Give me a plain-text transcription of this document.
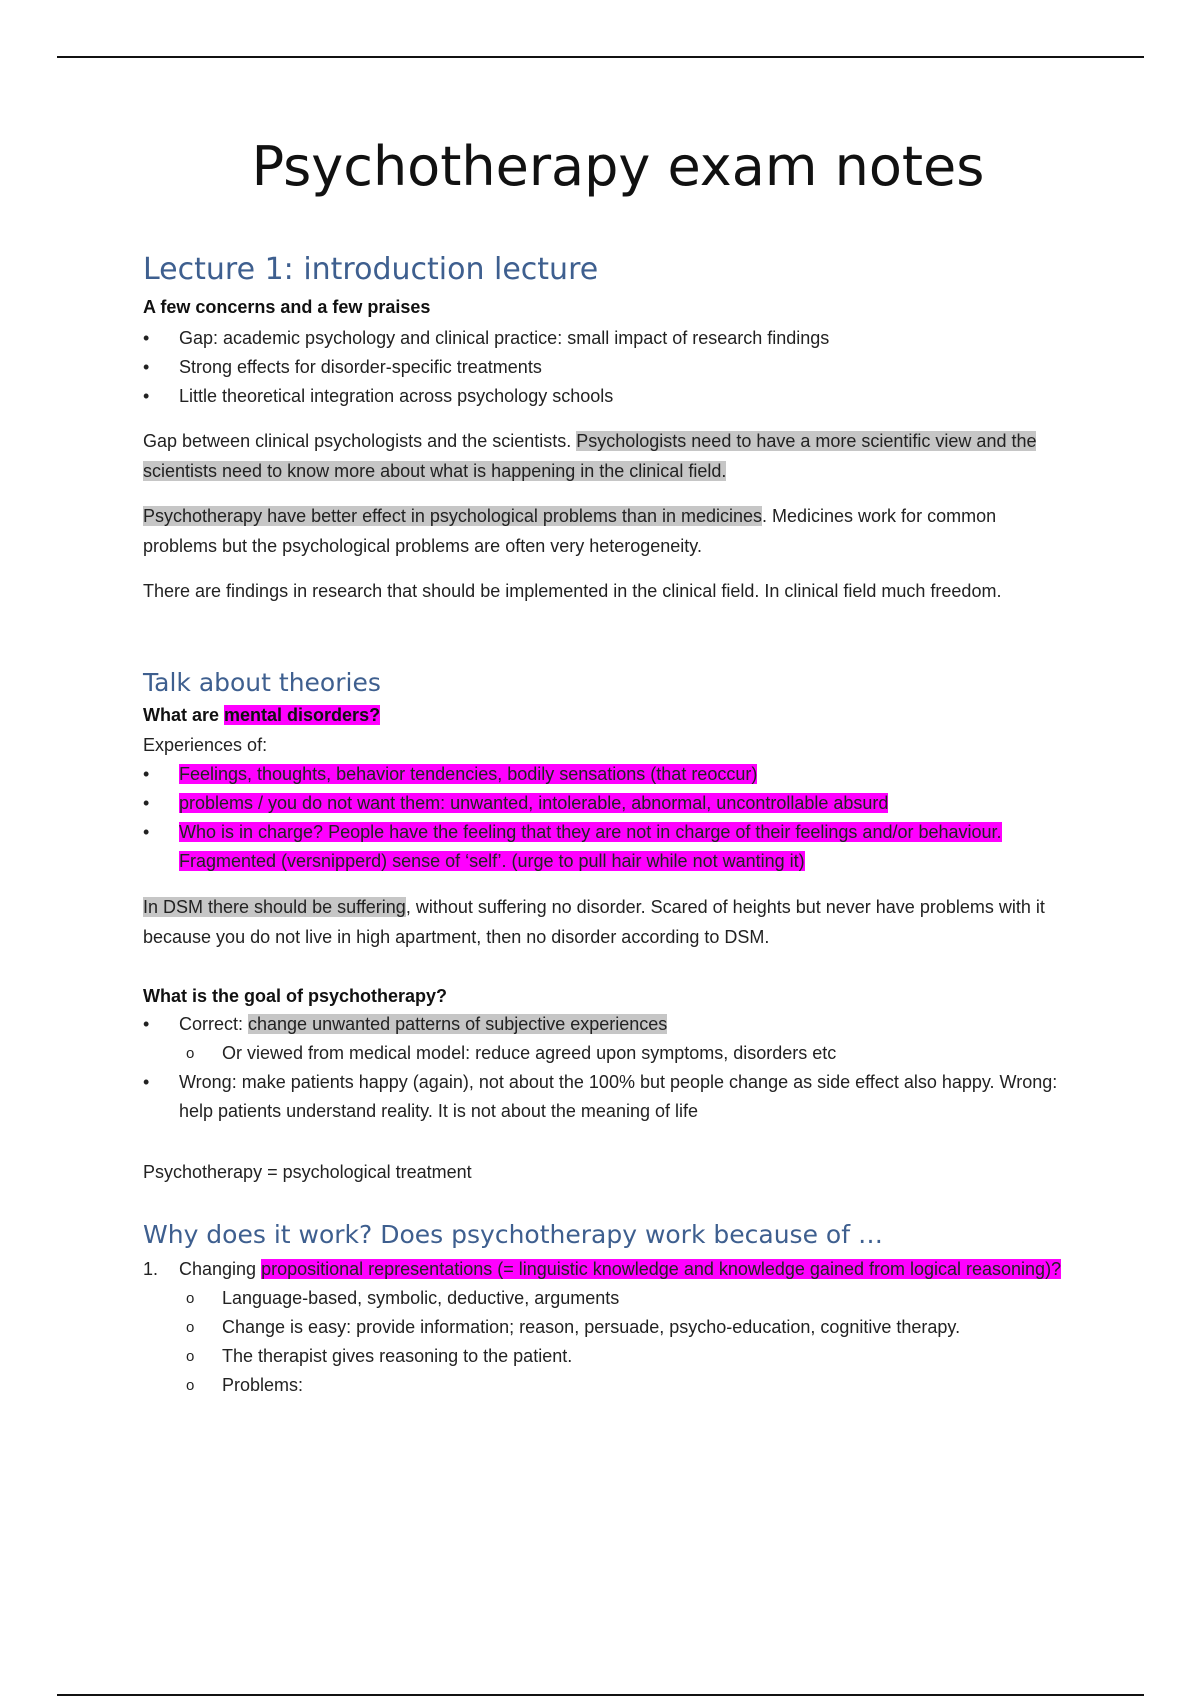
Psychotherapy exam notes
Lecture 1: introduction lecture
A few concerns and a few praises
• Gap: academic psychology and clinical practice: small impact of research findings
• Strong effects for disorder-specific treatments
• Little theoretical integration across psychology schools
Gap between clinical psychologists and the scientists. Psychologists need to have a more scientific view and the scientists need to know more about what is happening in the clinical field.
Psychotherapy have better effect in psychological problems than in medicines. Medicines work for common problems but the psychological problems are often very heterogeneity.
There are findings in research that should be implemented in the clinical field. In clinical field much freedom.
Talk about theories
What are mental disorders?
Experiences of:
• Feelings, thoughts, behavior tendencies, bodily sensations (that reoccur)
• problems / you do not want them: unwanted, intolerable, abnormal, uncontrollable absurd
• Who is in charge? People have the feeling that they are not in charge of their feelings and/or behaviour. Fragmented (versnipperd) sense of ‘self’. (urge to pull hair while not wanting it)
In DSM there should be suffering, without suffering no disorder. Scared of heights but never have problems with it because you do not live in high apartment, then no disorder according to DSM.
What is the goal of psychotherapy?
• Correct: change unwanted patterns of subjective experiences
o Or viewed from medical model: reduce agreed upon symptoms, disorders etc
• Wrong: make patients happy (again), not about the 100% but people change as side effect also happy. Wrong: help patients understand reality. It is not about the meaning of life
Psychotherapy = psychological treatment
Why does it work? Does psychotherapy work because of …
1. Changing propositional representations (= linguistic knowledge and knowledge gained from logical reasoning)?
o Language-based, symbolic, deductive, arguments
o Change is easy: provide information; reason, persuade, psycho-education, cognitive therapy.
o The therapist gives reasoning to the patient.
o Problems:
